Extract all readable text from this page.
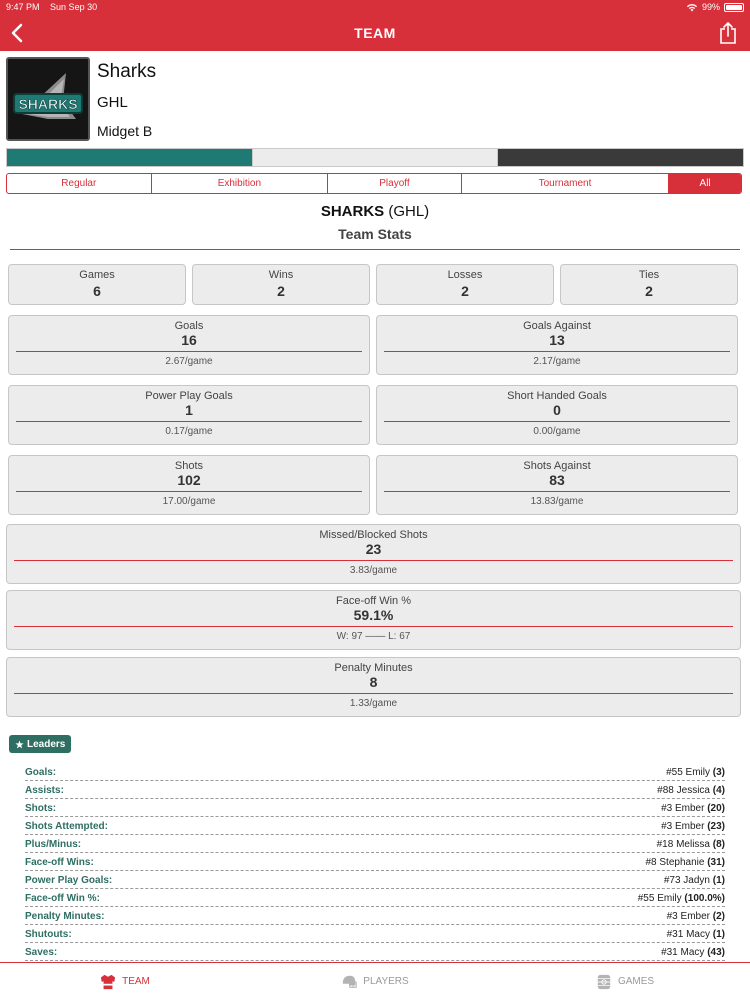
9:47 PM Sun Sep 30	99%
TEAM
SHARKS
Sharks
GHL
Midget B
Regular	Exhibition	Playoff	Tournament	All
SHARKS (GHL)
Team Stats
Games
6
Wins
2
Losses
2
Ties
2
Goals
16
2.67/game
Goals Against
13
2.17/game
Power Play Goals
1
0.17/game
Short Handed Goals
0
0.00/game
Shots
102
17.00/game
Shots Against
83
13.83/game
Missed/Blocked Shots
23
3.83/game
Face-off Win %
59.1%
W: 97 —— L: 67
Penalty Minutes
8
1.33/game
Leaders
Goals:	#55 Emily (3)
Assists:	#88 Jessica (4)
Shots:	#3 Ember (20)
Shots Attempted:	#3 Ember (23)
Plus/Minus:	#18 Melissa (8)
Face-off Wins:	#8 Stephanie (31)
Power Play Goals:	#73 Jadyn (1)
Face-off Win %:	#55 Emily (100.0%)
Penalty Minutes:	#3 Ember (2)
Shutouts:	#31 Macy (1)
Saves:	#31 Macy (43)
TEAM	PLAYERS	GAMES
